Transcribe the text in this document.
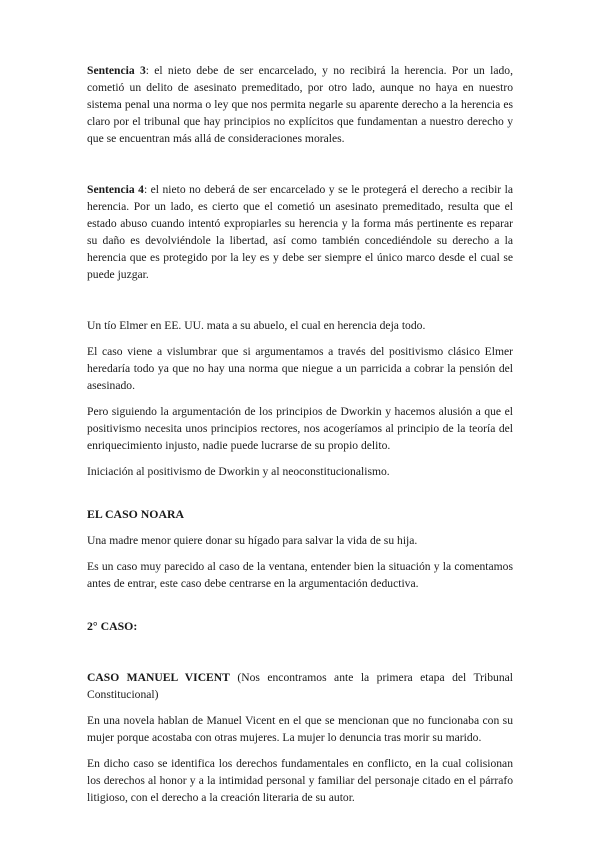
Sentencia 3: el nieto debe de ser encarcelado, y no recibirá la herencia. Por un lado, cometió un delito de asesinato premeditado, por otro lado, aunque no haya en nuestro sistema penal una norma o ley que nos permita negarle su aparente derecho a la herencia es claro por el tribunal que hay principios no explícitos que fundamentan a nuestro derecho y que se encuentran más allá de consideraciones morales.

Sentencia 4: el nieto no deberá de ser encarcelado y se le protegerá el derecho a recibir la herencia. Por un lado, es cierto que el cometió un asesinato premeditado, resulta que el estado abuso cuando intentó expropiarles su herencia y la forma más pertinente es reparar su daño es devolviéndole la libertad, así como también concediéndole su derecho a la herencia que es protegido por la ley es y debe ser siempre el único marco desde el cual se puede juzgar.

Un tío Elmer en EE. UU. mata a su abuelo, el cual en herencia deja todo.

El caso viene a vislumbrar que si argumentamos a través del positivismo clásico Elmer heredaría todo ya que no hay una norma que niegue a un parricida a cobrar la pensión del asesinado.

Pero siguiendo la argumentación de los principios de Dworkin y hacemos alusión a que el positivismo necesita unos principios rectores, nos acogeríamos al principio de la teoría del enriquecimiento injusto, nadie puede lucrarse de su propio delito.

Iniciación al positivismo de Dworkin y al neoconstitucionalismo.

EL CASO NOARA

Una madre menor quiere donar su hígado para salvar la vida de su hija.

Es un caso muy parecido al caso de la ventana, entender bien la situación y la comentamos antes de entrar, este caso debe centrarse en la argumentación deductiva.

2° CASO:

CASO MANUEL VICENT (Nos encontramos ante la primera etapa del Tribunal Constitucional)

En una novela hablan de Manuel Vicent en el que se mencionan que no funcionaba con su mujer porque acostaba con otras mujeres. La mujer lo denuncia tras morir su marido.

En dicho caso se identifica los derechos fundamentales en conflicto, en la cual colisionan los derechos al honor y a la intimidad personal y familiar del personaje citado en el párrafo litigioso, con el derecho a la creación literaria de su autor.
